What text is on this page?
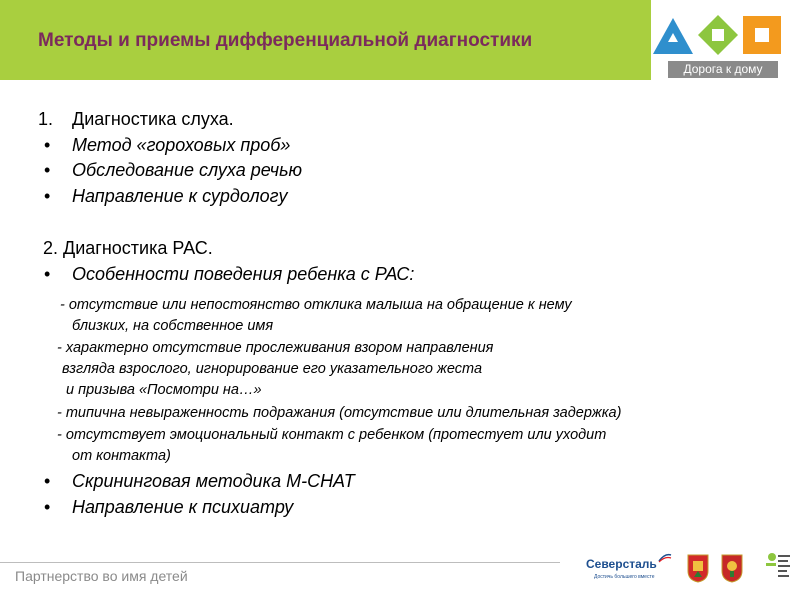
Методы и приемы дифференциальной диагностики
Дорога к дому
1. Диагностика слуха.
• Метод «гороховых проб»
• Обследование слуха речью
• Направление к сурдологу
2. Диагностика РАС.
• Особенности поведения ребенка с РАС:
- отсутствие или непостоянство отклика малыша на обращение к нему
близких, на собственное имя
- характерно отсутствие прослеживания взором направления
взгляда взрослого, игнорирование его указательного жеста
и призыва «Посмотри на…»
- типична невыраженность подражания (отсутствие или длительная задержка)
- отсутствует эмоциональный контакт с ребенком (протестует или уходит
от контакта)
• Скрининговая методика M-CHAT
• Направление к психиатру
Партнерство во имя детей
Северсталь
Достичь большего вместе
